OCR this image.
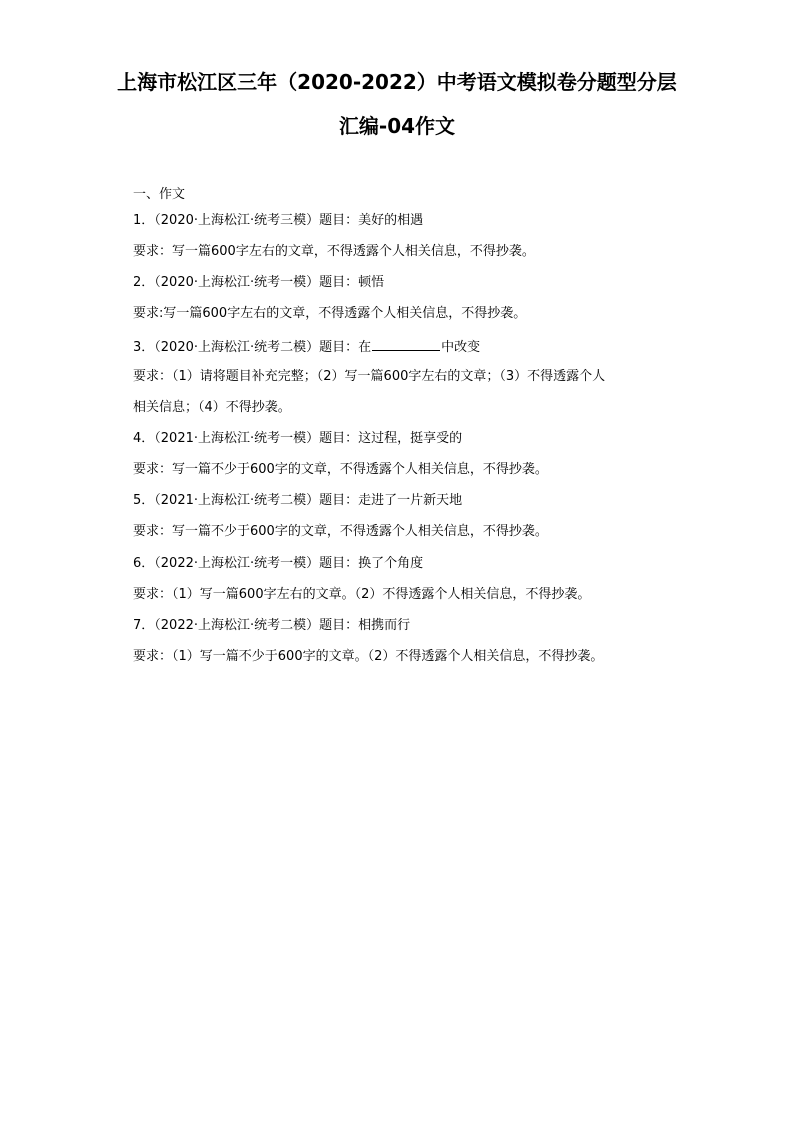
上海市松江区三年（2020-2022）中考语文模拟卷分题型分层
汇编-04作文
一、作文
1．（2020·上海松江·统考三模）题目：美好的相遇
要求：写一篇600字左右的文章，不得透露个人相关信息，不得抄袭。
2．（2020·上海松江·统考一模）题目：顿悟
要求:写一篇600字左右的文章，不得透露个人相关信息，不得抄袭。
3．（2020·上海松江·统考二模）题目：在	中改变
要求：（1）请将题目补充完整；（2）写一篇600字左右的文章；（3）不得透露个人
相关信息；（4）不得抄袭。
4．（2021·上海松江·统考一模）题目：这过程，挺享受的
要求：写一篇不少于600字的文章，不得透露个人相关信息，不得抄袭。
5．（2021·上海松江·统考二模）题目：走进了一片新天地
要求：写一篇不少于600字的文章，不得透露个人相关信息，不得抄袭。
6．（2022·上海松江·统考一模）题目：换了个角度
要求：（1）写一篇600字左右的文章。（2）不得透露个人相关信息，不得抄袭。
7．（2022·上海松江·统考二模）题目：相携而行
要求：（1）写一篇不少于600字的文章。（2）不得透露个人相关信息，不得抄袭。
